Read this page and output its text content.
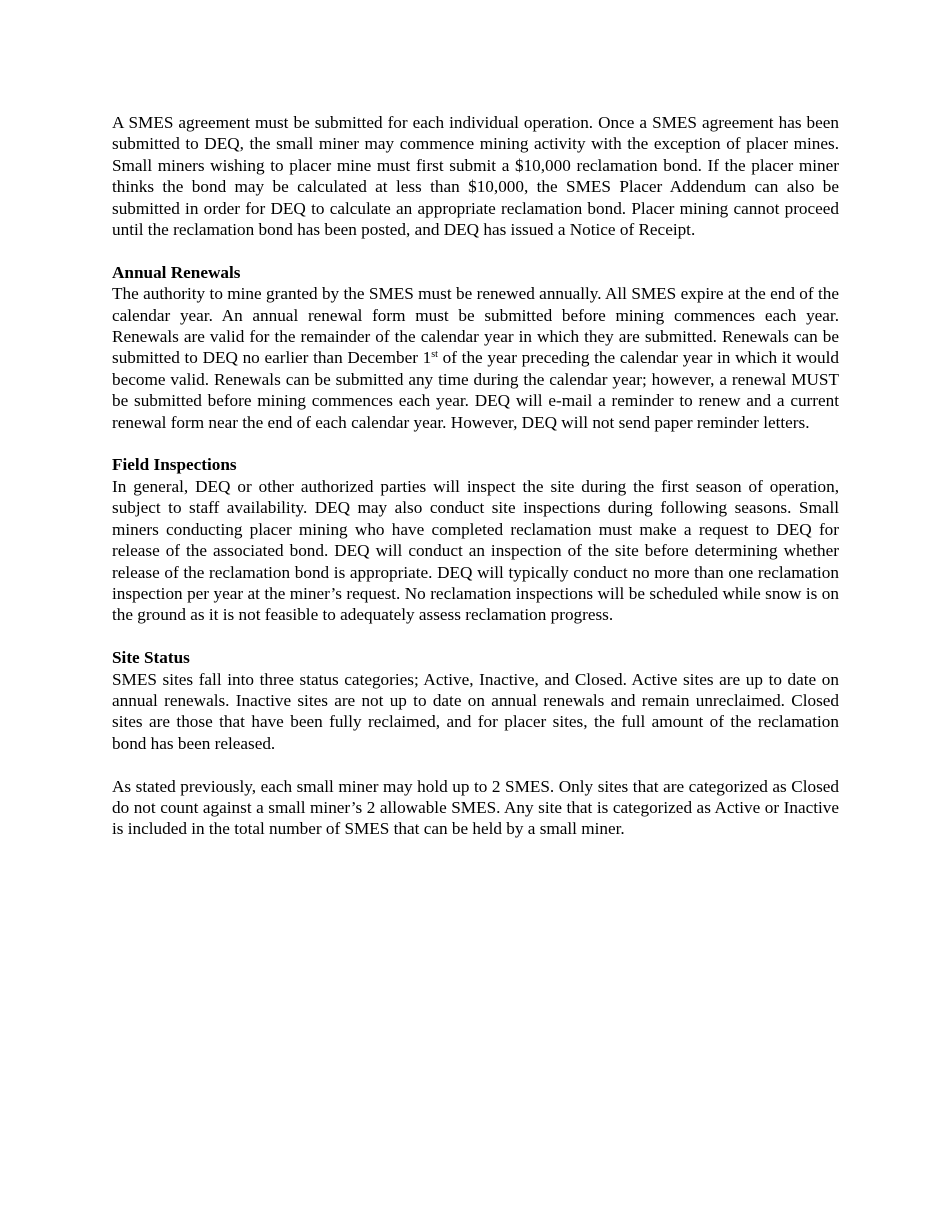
A SMES agreement must be submitted for each individual operation. Once a SMES agreement has been submitted to DEQ, the small miner may commence mining activity with the exception of placer mines. Small miners wishing to placer mine must first submit a $10,000 reclamation bond. If the placer miner thinks the bond may be calculated at less than $10,000, the SMES Placer Addendum can also be submitted in order for DEQ to calculate an appropriate reclamation bond. Placer mining cannot proceed until the reclamation bond has been posted, and DEQ has issued a Notice of Receipt.

Annual Renewals

The authority to mine granted by the SMES must be renewed annually. All SMES expire at the end of the calendar year. An annual renewal form must be submitted before mining commences each year. Renewals are valid for the remainder of the calendar year in which they are submitted. Renewals can be submitted to DEQ no earlier than December 1st of the year preceding the calendar year in which it would become valid. Renewals can be submitted any time during the calendar year; however, a renewal MUST be submitted before mining commences each year. DEQ will e-mail a reminder to renew and a current renewal form near the end of each calendar year. However, DEQ will not send paper reminder letters.

Field Inspections

In general, DEQ or other authorized parties will inspect the site during the first season of operation, subject to staff availability. DEQ may also conduct site inspections during following seasons. Small miners conducting placer mining who have completed reclamation must make a request to DEQ for release of the associated bond. DEQ will conduct an inspection of the site before determining whether release of the reclamation bond is appropriate. DEQ will typically conduct no more than one reclamation inspection per year at the miner’s request. No reclamation inspections will be scheduled while snow is on the ground as it is not feasible to adequately assess reclamation progress.

Site Status

SMES sites fall into three status categories; Active, Inactive, and Closed. Active sites are up to date on annual renewals. Inactive sites are not up to date on annual renewals and remain unreclaimed. Closed sites are those that have been fully reclaimed, and for placer sites, the full amount of the reclamation bond has been released.

As stated previously, each small miner may hold up to 2 SMES. Only sites that are categorized as Closed do not count against a small miner’s 2 allowable SMES. Any site that is categorized as Active or Inactive is included in the total number of SMES that can be held by a small miner.
